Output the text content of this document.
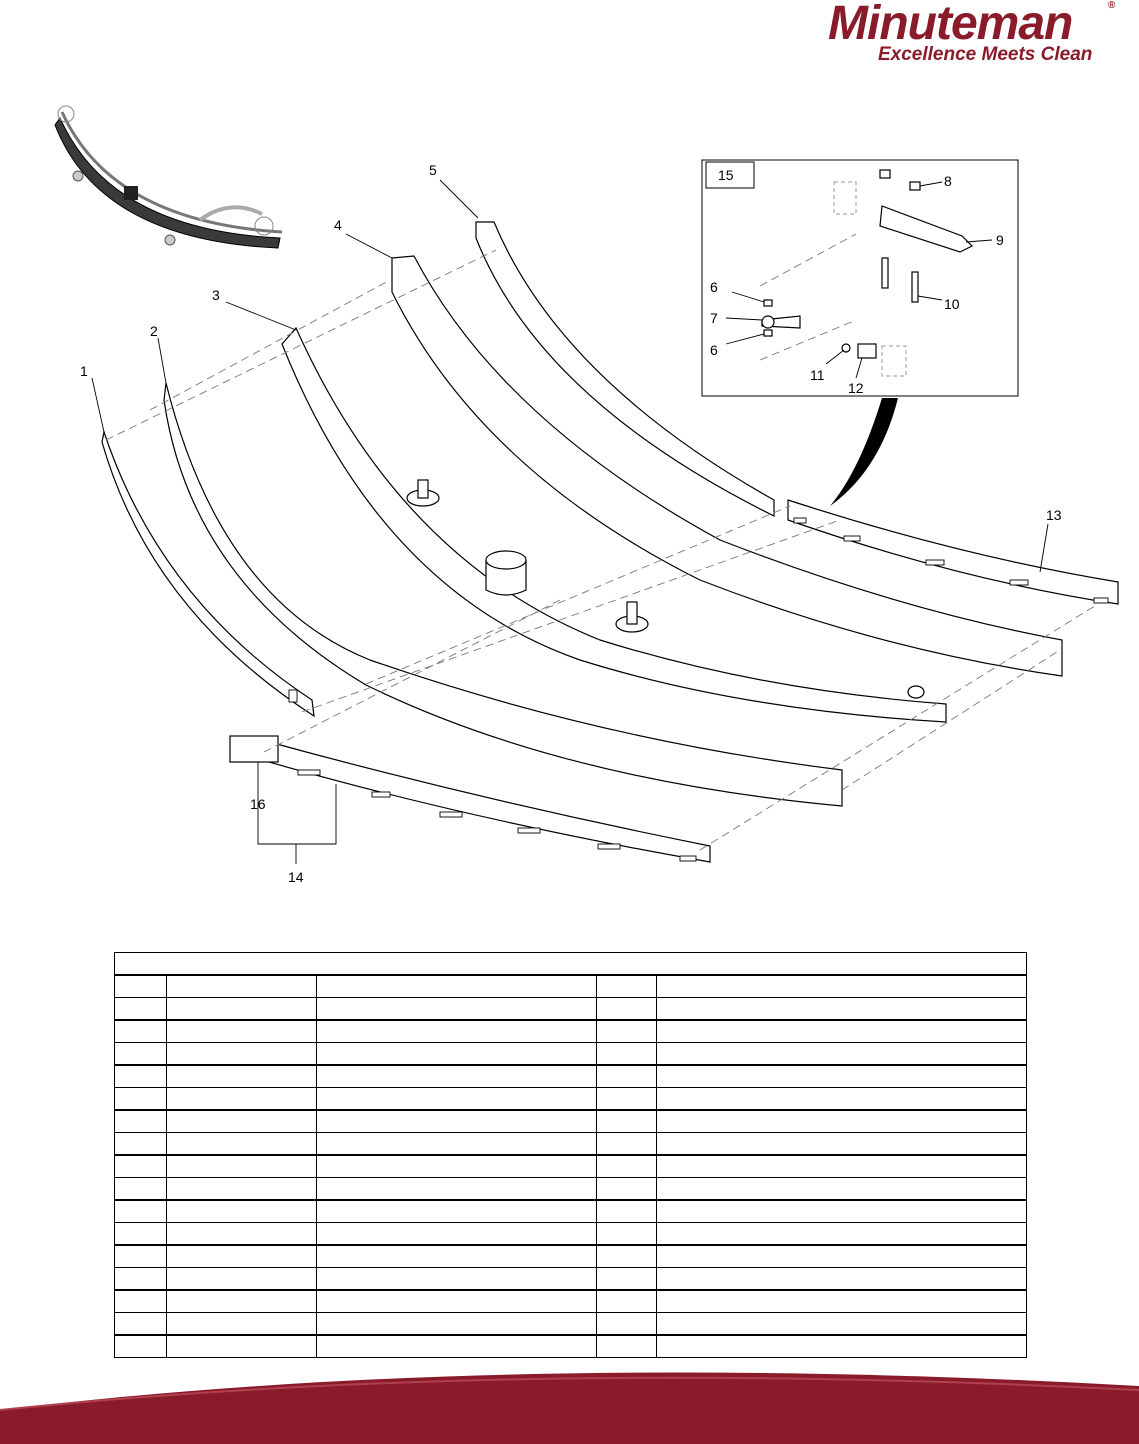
Minuteman	®
Excellence Meets Clean
15
1
2
3
4
5
6
7
6
8
9
10
11
12
13
14
16
